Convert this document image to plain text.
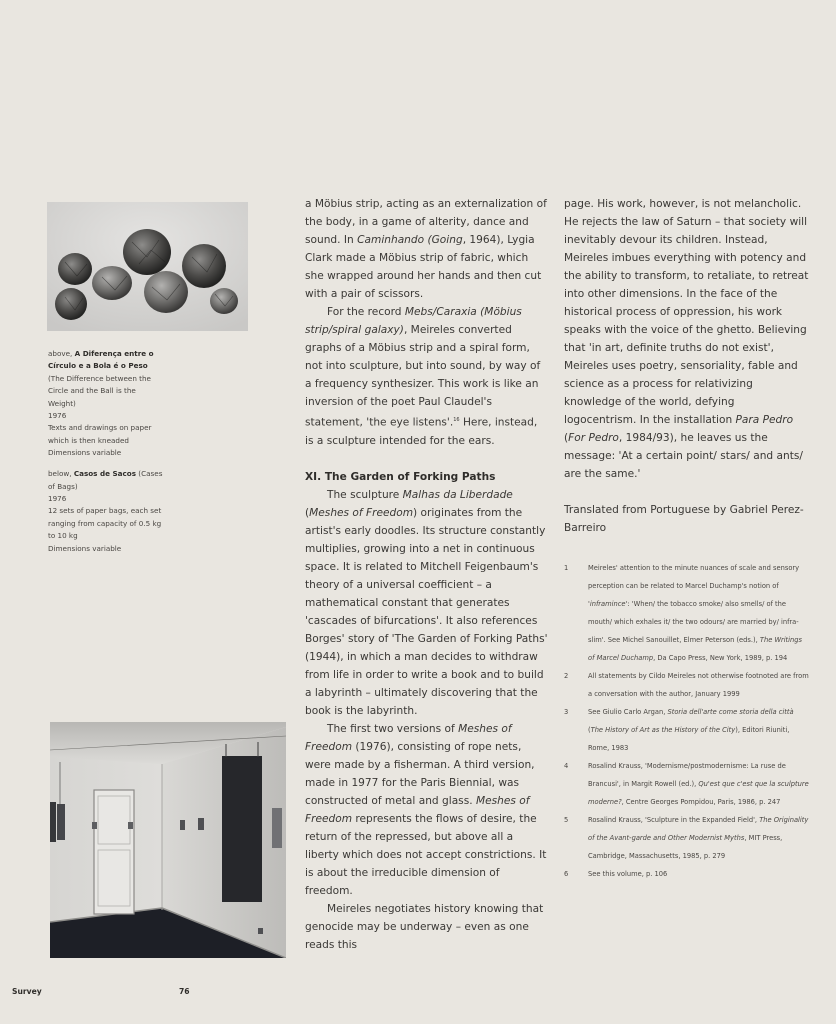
above, A Diferença entre o Círculo e a Bola é o Peso (The Difference between the Circle and the Ball is the Weight)
1976
Texts and drawings on paper which is then kneaded
Dimensions variable

below, Casos de Sacos (Cases of Bags)
1976
12 sets of paper bags, each set ranging from capacity of 0.5 kg to 10 kg
Dimensions variable

a Möbius strip, acting as an externalization of the body, in a game of alterity, dance and sound. In Caminhando (Going, 1964), Lygia Clark made a Möbius strip of fabric, which she wrapped around her hands and then cut with a pair of scissors.

For the record Mebs/Caraxia (Möbius strip/spiral galaxy), Meireles converted graphs of a Möbius strip and a spiral form, not into sculpture, but into sound, by way of a frequency synthesizer. This work is like an inversion of the poet Paul Claudel's statement, 'the eye listens'.$^{16}$ Here, instead, is a sculpture intended for the ears.

XI. The Garden of Forking Paths

The sculpture Malhas da Liberdade (Meshes of Freedom) originates from the artist's early doodles. Its structure constantly multiplies, growing into a net in continuous space. It is related to Mitchell Feigenbaum's theory of a universal coefficient – a mathematical constant that generates 'cascades of bifurcations'. It also references Borges' story of 'The Garden of Forking Paths' (1944), in which a man decides to withdraw from life in order to write a book and to build a labyrinth – ultimately discovering that the book is the labyrinth.

The first two versions of Meshes of Freedom (1976), consisting of rope nets, were made by a fisherman. A third version, made in 1977 for the Paris Biennial, was constructed of metal and glass. Meshes of Freedom represents the flows of desire, the return of the repressed, but above all a liberty which does not accept constrictions. It is about the irreducible dimension of freedom.

Meireles negotiates history knowing that genocide may be underway – even as one reads this

page. His work, however, is not melancholic. He rejects the law of Saturn – that society will inevitably devour its children. Instead, Meireles imbues everything with potency and the ability to transform, to retaliate, to retreat into other dimensions. In the face of the historical process of oppression, his work speaks with the voice of the ghetto. Believing that 'in art, definite truths do not exist', Meireles uses poetry, sensoriality, fable and science as a process for relativizing knowledge of the world, defying logocentrism. In the installation Para Pedro (For Pedro, 1984/93), he leaves us the message: 'At a certain point/ stars/ and ants/ are the same.'

Translated from Portuguese by Gabriel Perez-Barreiro

1	Meireles' attention to the minute nuances of scale and sensory perception can be related to Marcel Duchamp's notion of 'inframince': 'When/ the tobacco smoke/ also smells/ of the mouth/ which exhales it/ the two odours/ are married by/ infra-slim'. See Michel Sanouillet, Elmer Peterson (eds.), The Writings of Marcel Duchamp, Da Capo Press, New York, 1989, p. 194
2	All statements by Cildo Meireles not otherwise footnoted are from a conversation with the author, January 1999
3	See Giulio Carlo Argan, Storia dell'arte come storia della città (The History of Art as the History of the City), Editori Riuniti, Rome, 1983
4	Rosalind Krauss, 'Modernisme/postmodernisme: La ruse de Brancusi', in Margit Rowell (ed.), Qu'est que c'est que la sculpture moderne?, Centre Georges Pompidou, Paris, 1986, p. 247
5	Rosalind Krauss, 'Sculpture in the Expanded Field', The Originality of the Avant-garde and Other Modernist Myths, MIT Press, Cambridge, Massachusetts, 1985, p. 279
6	See this volume, p. 106
Survey	76
